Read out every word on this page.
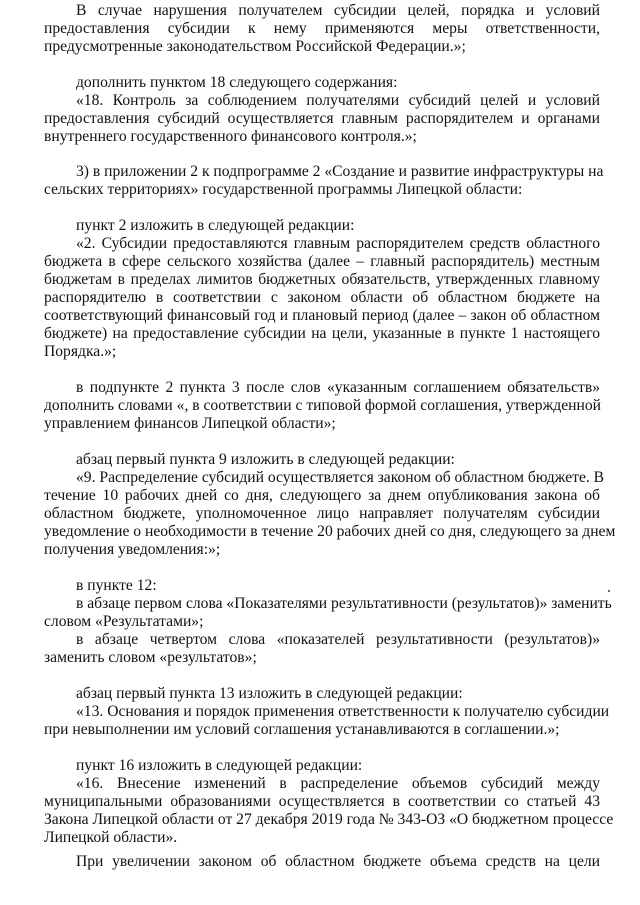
В случае нарушения получателем субсидии целей, порядка и условий

предоставления субсидии к нему применяются меры ответственности,

предусмотренные законодательством Российской Федерации.»;

дополнить пунктом 18 следующего содержания:

«18. Контроль за соблюдением получателями субсидий целей и условий

предоставления субсидий осуществляется главным распорядителем и органами

внутреннего государственного финансового контроля.»;

3) в приложении 2 к подпрограмме 2 «Создание и развитие инфраструктуры на

сельских территориях» государственной программы Липецкой области:

пункт 2 изложить в следующей редакции:

«2. Субсидии предоставляются главным распорядителем средств областного

бюджета в сфере сельского хозяйства (далее – главный распорядитель) местным

бюджетам в пределах лимитов бюджетных обязательств, утвержденных главному

распорядителю в соответствии с законом области об областном бюджете на

соответствующий финансовый год и плановый период (далее – закон об областном

бюджете) на предоставление субсидии на цели, указанные в пункте 1 настоящего

Порядка.»;

в подпункте 2 пункта 3 после слов «указанным соглашением обязательств»

дополнить словами «, в соответствии с типовой формой соглашения, утвержденной

управлением финансов Липецкой области»;

абзац первый пункта 9 изложить в следующей редакции:

«9. Распределение субсидий осуществляется законом об областном бюджете. В

течение 10 рабочих дней со дня, следующего за днем опубликования закона об

областном бюджете, уполномоченное лицо направляет получателям субсидии

уведомление о необходимости в течение 20 рабочих дней со дня, следующего за днем

получения уведомления:»;

в пункте 12:

в абзаце первом слова «Показателями результативности (результатов)» заменить

словом «Результатами»;

в абзаце четвертом слова «показателей результативности (результатов)»

заменить словом «результатов»;

абзац первый пункта 13 изложить в следующей редакции:

«13. Основания и порядок применения ответственности к получателю субсидии

при невыполнении им условий соглашения устанавливаются в соглашении.»;

пункт 16 изложить в следующей редакции:

«16. Внесение изменений в распределение объемов субсидий между

муниципальными образованиями осуществляется в соответствии со статьей 43

Закона Липецкой области от 27 декабря 2019 года № 343-ОЗ «О бюджетном процессе

Липецкой области».

При увеличении законом об областном бюджете объема средств на цели
